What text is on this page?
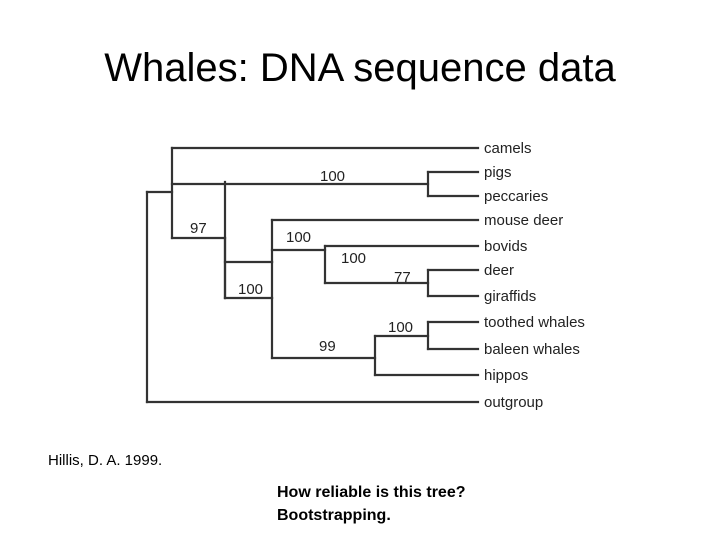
Whales: DNA sequence data
camels
pigs
peccaries
mouse deer
bovids
deer
giraffids
toothed whales
baleen whales
hippos
outgroup
100
97
100
100
100
77
100
99
Hillis, D. A. 1999.
How reliable is this tree?
Bootstrapping.
